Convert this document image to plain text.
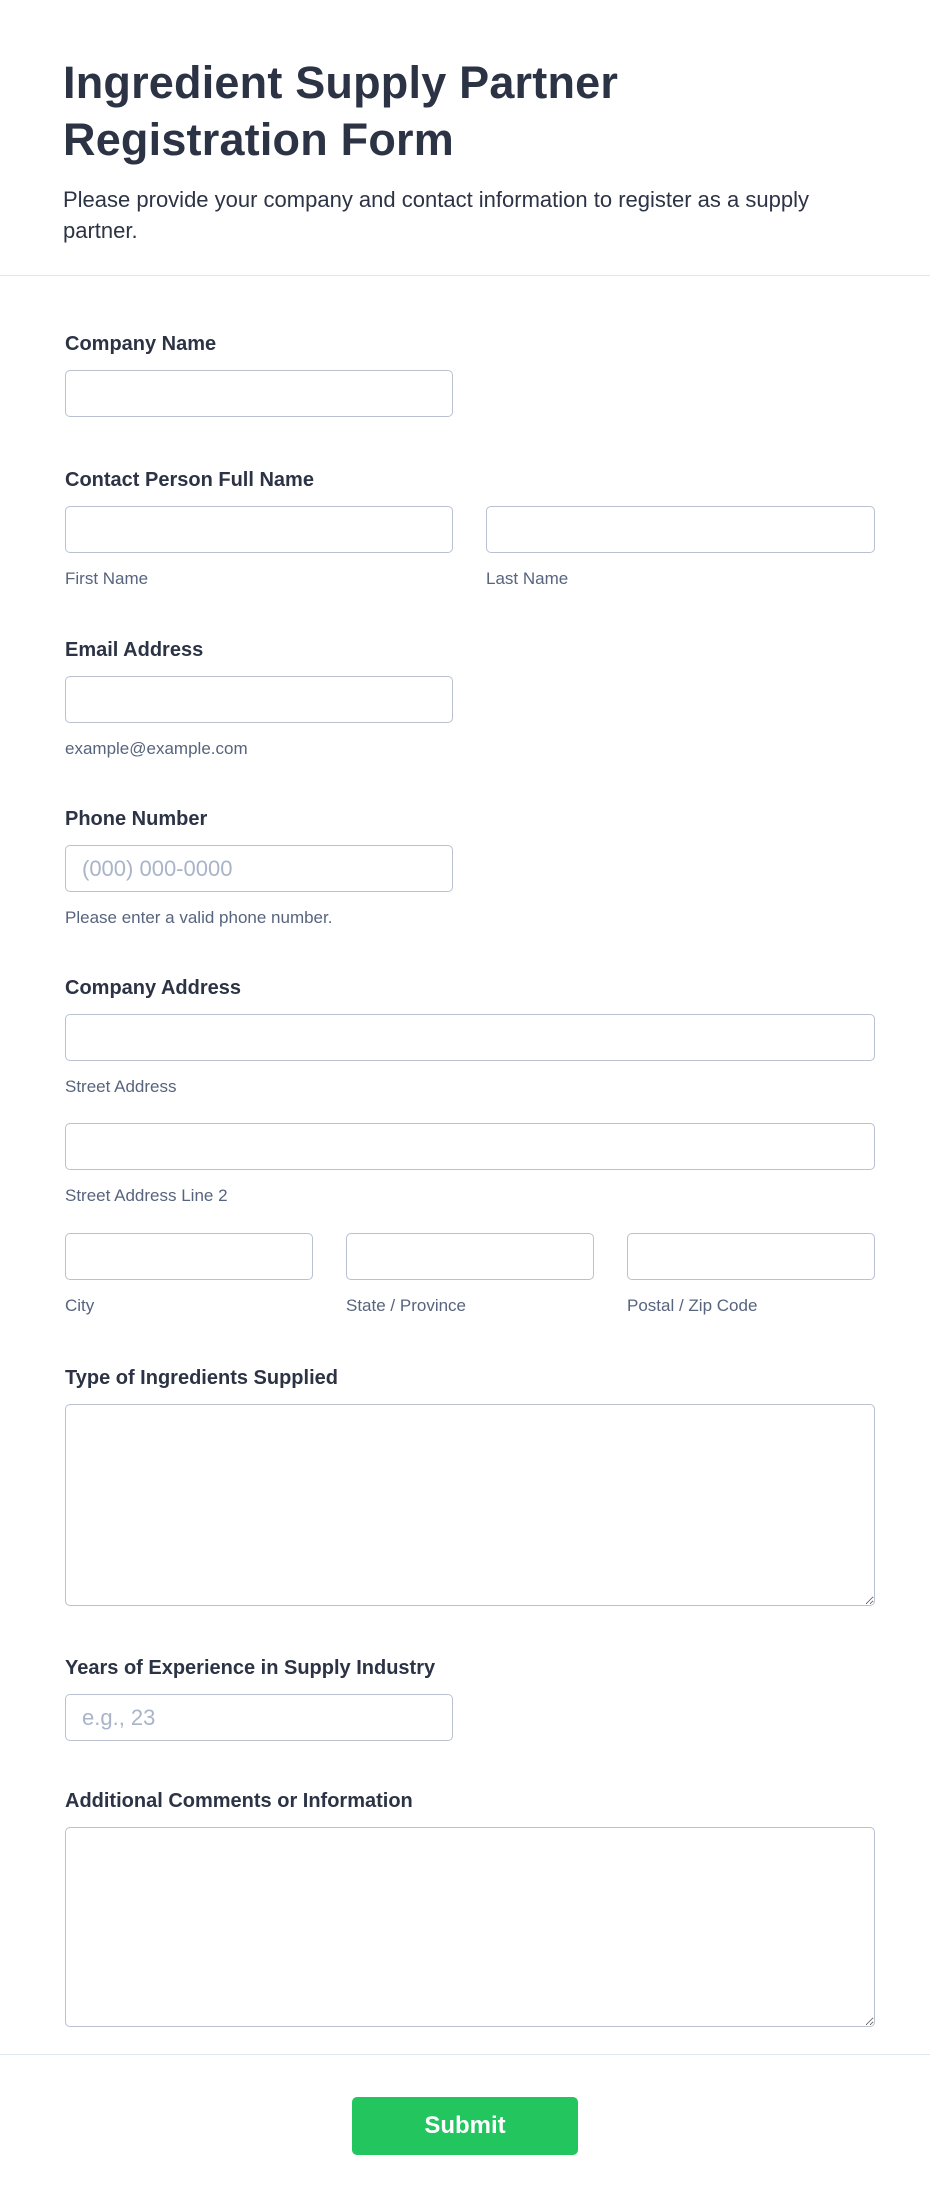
Ingredient Supply Partner Registration Form

Please provide your company and contact information to register as a supply partner.

Company Name
Contact Person Full Name
First Name	Last Name
Email Address
example@example.com
Phone Number
(000) 000-0000
Please enter a valid phone number.
Company Address
Street Address
Street Address Line 2
City	State / Province	Postal / Zip Code
Type of Ingredients Supplied
Years of Experience in Supply Industry
e.g., 23
Additional Comments or Information
Submit
